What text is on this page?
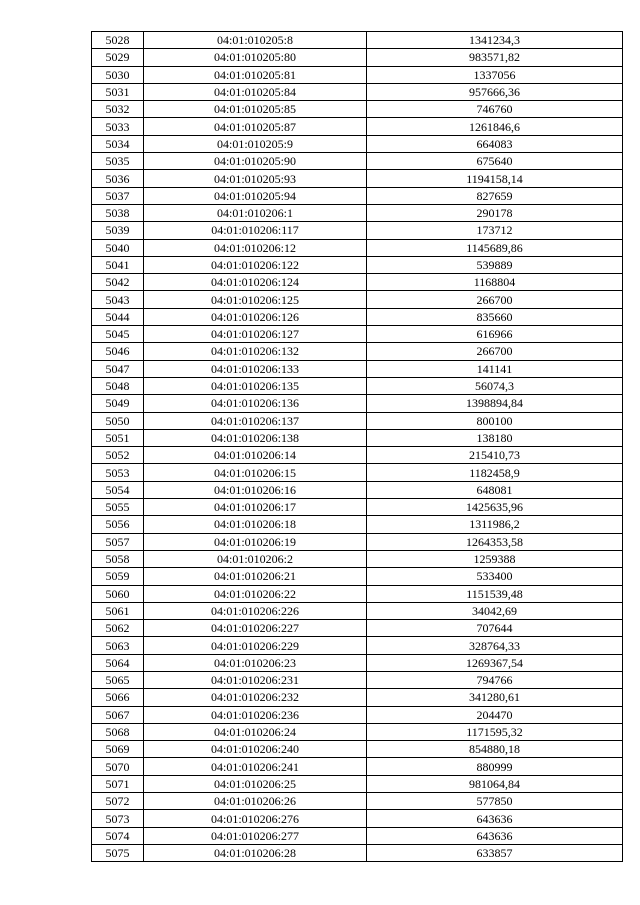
5028	04:01:010205:8	1341234,3
5029	04:01:010205:80	983571,82
5030	04:01:010205:81	1337056
5031	04:01:010205:84	957666,36
5032	04:01:010205:85	746760
5033	04:01:010205:87	1261846,6
5034	04:01:010205:9	664083
5035	04:01:010205:90	675640
5036	04:01:010205:93	1194158,14
5037	04:01:010205:94	827659
5038	04:01:010206:1	290178
5039	04:01:010206:117	173712
5040	04:01:010206:12	1145689,86
5041	04:01:010206:122	539889
5042	04:01:010206:124	1168804
5043	04:01:010206:125	266700
5044	04:01:010206:126	835660
5045	04:01:010206:127	616966
5046	04:01:010206:132	266700
5047	04:01:010206:133	141141
5048	04:01:010206:135	56074,3
5049	04:01:010206:136	1398894,84
5050	04:01:010206:137	800100
5051	04:01:010206:138	138180
5052	04:01:010206:14	215410,73
5053	04:01:010206:15	1182458,9
5054	04:01:010206:16	648081
5055	04:01:010206:17	1425635,96
5056	04:01:010206:18	1311986,2
5057	04:01:010206:19	1264353,58
5058	04:01:010206:2	1259388
5059	04:01:010206:21	533400
5060	04:01:010206:22	1151539,48
5061	04:01:010206:226	34042,69
5062	04:01:010206:227	707644
5063	04:01:010206:229	328764,33
5064	04:01:010206:23	1269367,54
5065	04:01:010206:231	794766
5066	04:01:010206:232	341280,61
5067	04:01:010206:236	204470
5068	04:01:010206:24	1171595,32
5069	04:01:010206:240	854880,18
5070	04:01:010206:241	880999
5071	04:01:010206:25	981064,84
5072	04:01:010206:26	577850
5073	04:01:010206:276	643636
5074	04:01:010206:277	643636
5075	04:01:010206:28	633857
